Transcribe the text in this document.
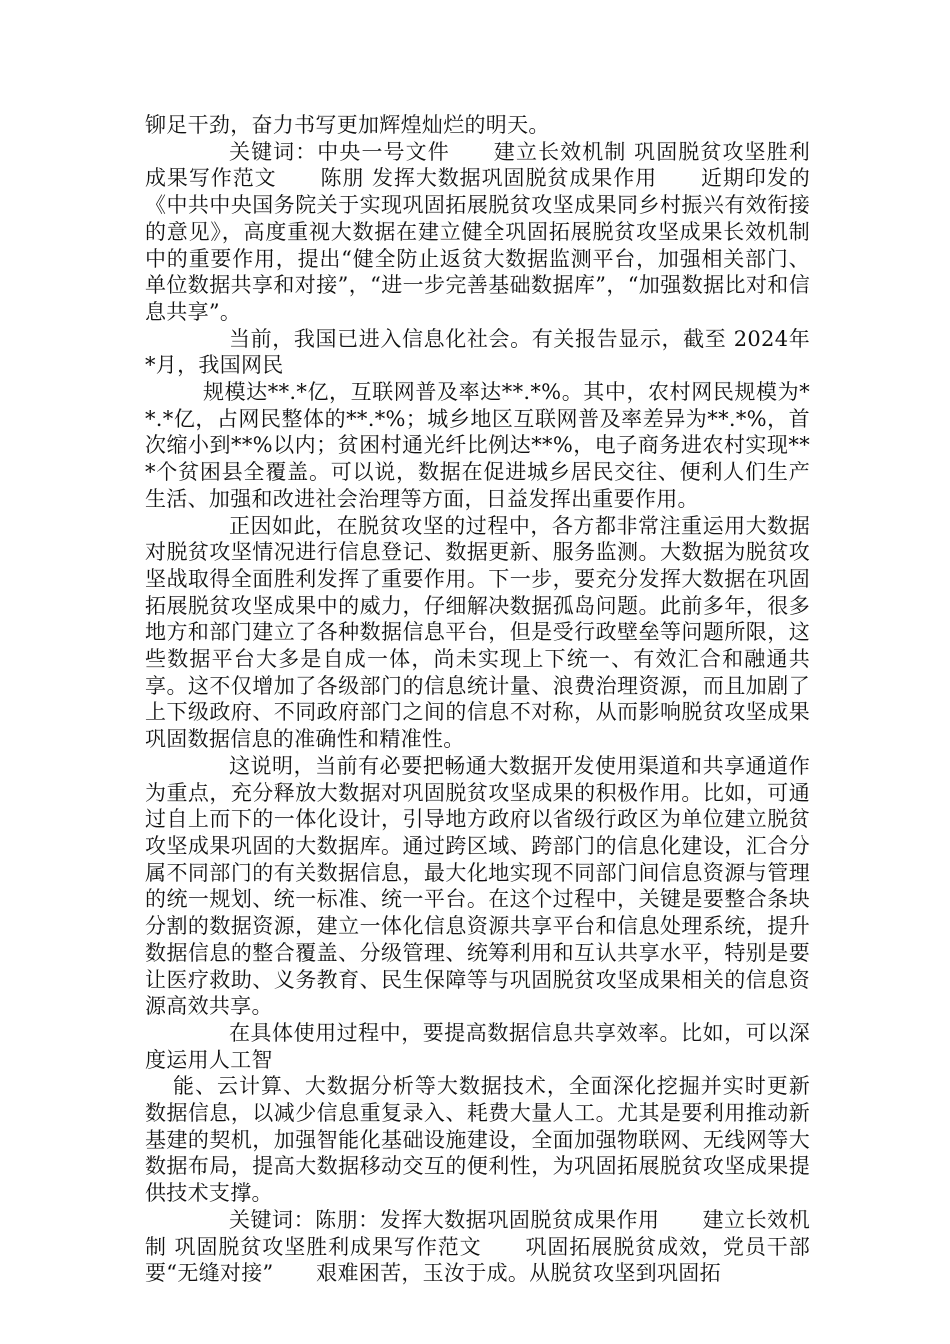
铆足干劲，奋力书写更加辉煌灿烂的明天。

关键词：中央一号文件　　建立长效机制 巩固脱贫攻坚胜利成果写作范文　　陈朋 发挥大数据巩固脱贫成果作用　　近期印发的《中共中央国务院关于实现巩固拓展脱贫攻坚成果同乡村振兴有效衔接的意见》，高度重视大数据在建立健全巩固拓展脱贫攻坚成果长效机制中的重要作用，提出“健全防止返贫大数据监测平台，加强相关部门、单位数据共享和对接”，“进一步完善基础数据库”，“加强数据比对和信息共享”。

当前，我国已进入信息化社会。有关报告显示，截至 2024年*月，我国网民

规模达**.*亿，互联网普及率达**.*%。其中，农村网民规模为**.*亿，占网民整体的**.*%；城乡地区互联网普及率差异为**.*%，首次缩小到**%以内；贫困村通光纤比例达**%，电子商务进农村实现***个贫困县全覆盖。可以说，数据在促进城乡居民交往、便利人们生产生活、加强和改进社会治理等方面，日益发挥出重要作用。

正因如此，在脱贫攻坚的过程中，各方都非常注重运用大数据对脱贫攻坚情况进行信息登记、数据更新、服务监测。大数据为脱贫攻坚战取得全面胜利发挥了重要作用。下一步，要充分发挥大数据在巩固拓展脱贫攻坚成果中的威力，仔细解决数据孤岛问题。此前多年，很多地方和部门建立了各种数据信息平台，但是受行政壁垒等问题所限，这些数据平台大多是自成一体，尚未实现上下统一、有效汇合和融通共享。这不仅增加了各级部门的信息统计量、浪费治理资源，而且加剧了上下级政府、不同政府部门之间的信息不对称，从而影响脱贫攻坚成果巩固数据信息的准确性和精准性。

这说明，当前有必要把畅通大数据开发使用渠道和共享通道作为重点，充分释放大数据对巩固脱贫攻坚成果的积极作用。比如，可通过自上而下的一体化设计，引导地方政府以省级行政区为单位建立脱贫攻坚成果巩固的大数据库。通过跨区域、跨部门的信息化建设，汇合分属不同部门的有关数据信息，最大化地实现不同部门间信息资源与管理的统一规划、统一标准、统一平台。在这个过程中，关键是要整合条块分割的数据资源，建立一体化信息资源共享平台和信息处理系统，提升数据信息的整合覆盖、分级管理、统筹利用和互认共享水平，特别是要让医疗救助、义务教育、民生保障等与巩固脱贫攻坚成果相关的信息资源高效共享。

在具体使用过程中，要提高数据信息共享效率。比如，可以深度运用人工智

能、云计算、大数据分析等大数据技术，全面深化挖掘并实时更新数据信息，以减少信息重复录入、耗费大量人工。尤其是要利用推动新基建的契机，加强智能化基础设施建设，全面加强物联网、无线网等大数据布局，提高大数据移动交互的便利性，为巩固拓展脱贫攻坚成果提供技术支撑。

关键词：陈朋：发挥大数据巩固脱贫成果作用　　建立长效机制 巩固脱贫攻坚胜利成果写作范文　　巩固拓展脱贫成效，党员干部要“无缝对接”　　艰难困苦，玉汝于成。从脱贫攻坚到巩固拓
